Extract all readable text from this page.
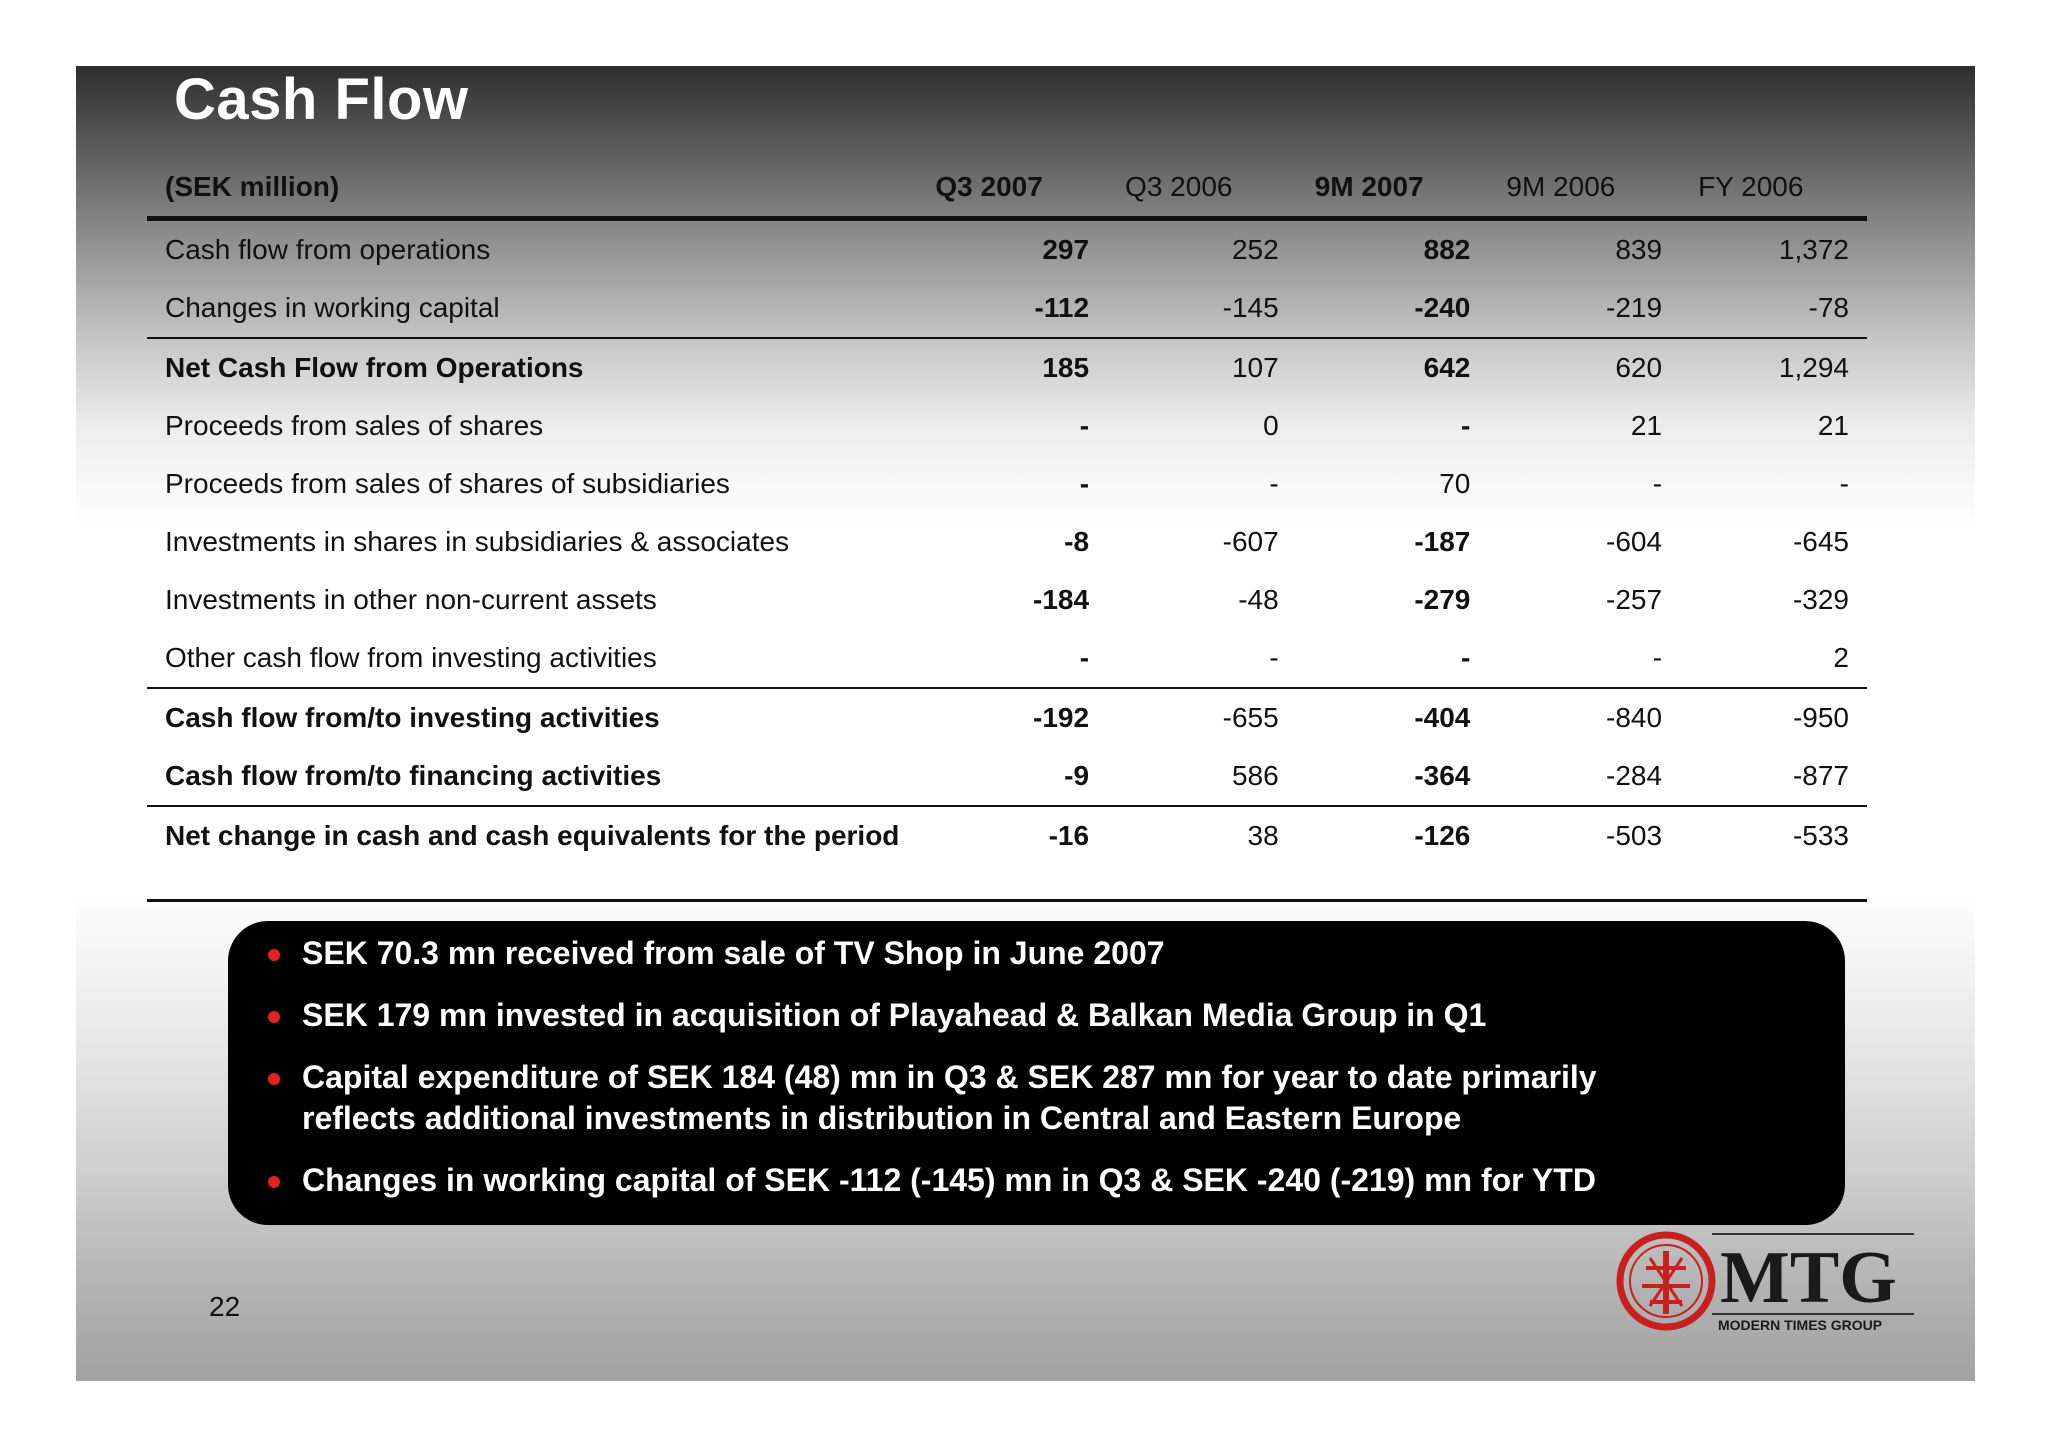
Cash Flow
(SEK million)	Q3 2007	Q3 2006	9M 2007	9M 2006	FY 2006
Cash flow from operations	297	252	882	839	1,372
Changes in working capital	-112	-145	-240	-219	-78
Net Cash Flow from Operations	185	107	642	620	1,294
Proceeds from sales of shares	-	0	-	21	21
Proceeds from sales of shares of subsidiaries	-	-	70	-	-
Investments in shares in subsidiaries & associates	-8	-607	-187	-604	-645
Investments in other non-current assets	-184	-48	-279	-257	-329
Other cash flow from investing activities	-	-	-	-	2
Cash flow from/to investing activities	-192	-655	-404	-840	-950
Cash flow from/to financing activities	-9	586	-364	-284	-877
Net change in cash and cash equivalents for the period	-16	38	-126	-503	-533
SEK 70.3 mn received from sale of TV Shop in June 2007
SEK 179 mn invested in acquisition of Playahead & Balkan Media Group in Q1
Capital expenditure of SEK 184 (48) mn in Q3 & SEK 287 mn for year to date primarily reflects additional investments in distribution in Central and Eastern Europe
Changes in working capital of SEK -112 (-145) mn in Q3 & SEK -240 (-219) mn for YTD
22	MTG
MODERN TIMES GROUP
